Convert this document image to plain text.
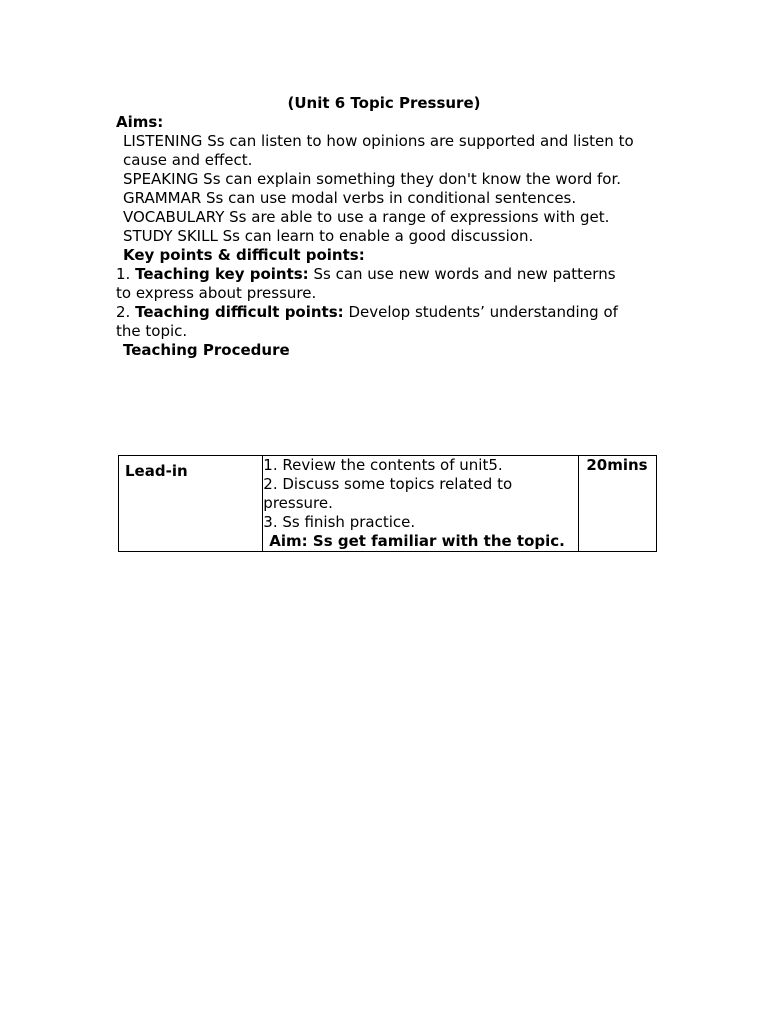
(Unit 6 Topic Pressure)
Aims:
LISTENING Ss can listen to how opinions are supported and listen to
cause and effect.
SPEAKING Ss can explain something they don't know the word for.
GRAMMAR Ss can use modal verbs in conditional sentences.
VOCABULARY Ss are able to use a range of expressions with get.
STUDY SKILL Ss can learn to enable a good discussion.
Key points & difficult points:
1. Teaching key points: Ss can use new words and new patterns
to express about pressure.
2. Teaching difficult points: Develop students’ understanding of
the topic.
Teaching Procedure
Lead-in	1. Review the contents of unit5.
2. Discuss some topics related to
pressure.
3. Ss finish practice.
Aim: Ss get familiar with the topic.
	20mins
